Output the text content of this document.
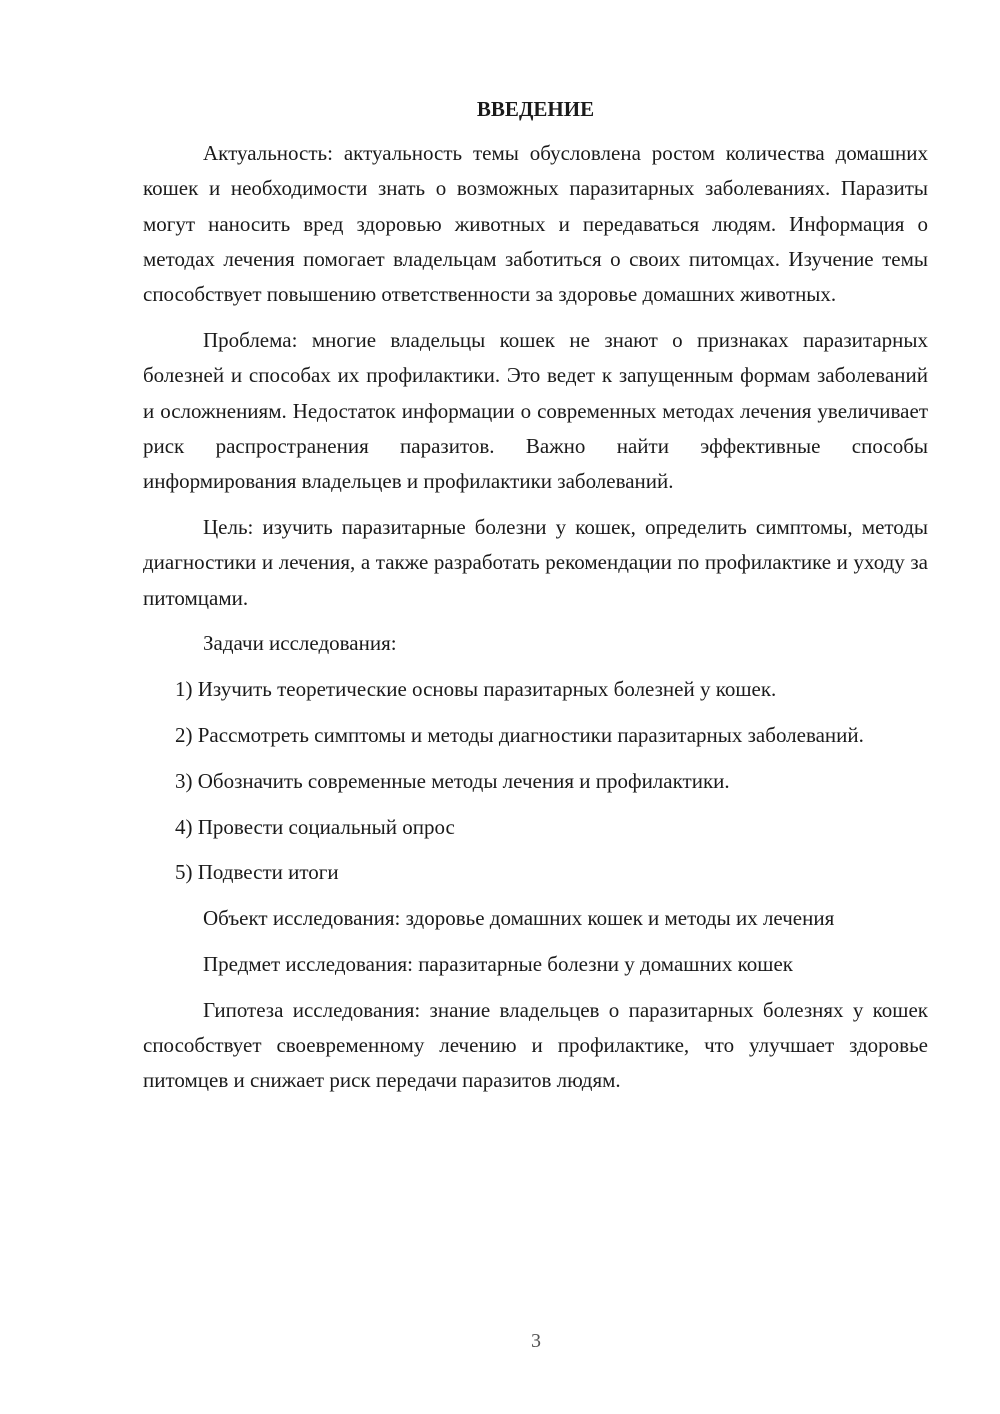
ВВЕДЕНИЕ

Актуальность: актуальность темы обусловлена ростом количества домашних кошек и необходимости знать о возможных паразитарных заболеваниях. Паразиты могут наносить вред здоровью животных и передаваться людям. Информация о методах лечения помогает владельцам заботиться о своих питомцах. Изучение темы способствует повышению ответственности за здоровье домашних животных.

Проблема: многие владельцы кошек не знают о признаках паразитарных болезней и способах их профилактики. Это ведет к запущенным формам заболеваний и осложнениям. Недостаток информации о современных методах лечения увеличивает риск распространения паразитов. Важно найти эффективные способы информирования владельцев и профилактики заболеваний.

Цель: изучить паразитарные болезни у кошек, определить симптомы, методы диагностики и лечения, а также разработать рекомендации по профилактике и уходу за питомцами.

Задачи исследования:

1) Изучить теоретические основы паразитарных болезней у кошек.

2) Рассмотреть симптомы и методы диагностики паразитарных заболеваний.

3) Обозначить современные методы лечения и профилактики.

4) Провести социальный опрос

5) Подвести итоги

Объект исследования: здоровье домашних кошек и методы их лечения

Предмет исследования: паразитарные болезни у домашних кошек

Гипотеза исследования: знание владельцев о паразитарных болезнях у кошек способствует своевременному лечению и профилактике, что улучшает здоровье питомцев и снижает риск передачи паразитов людям.

3
